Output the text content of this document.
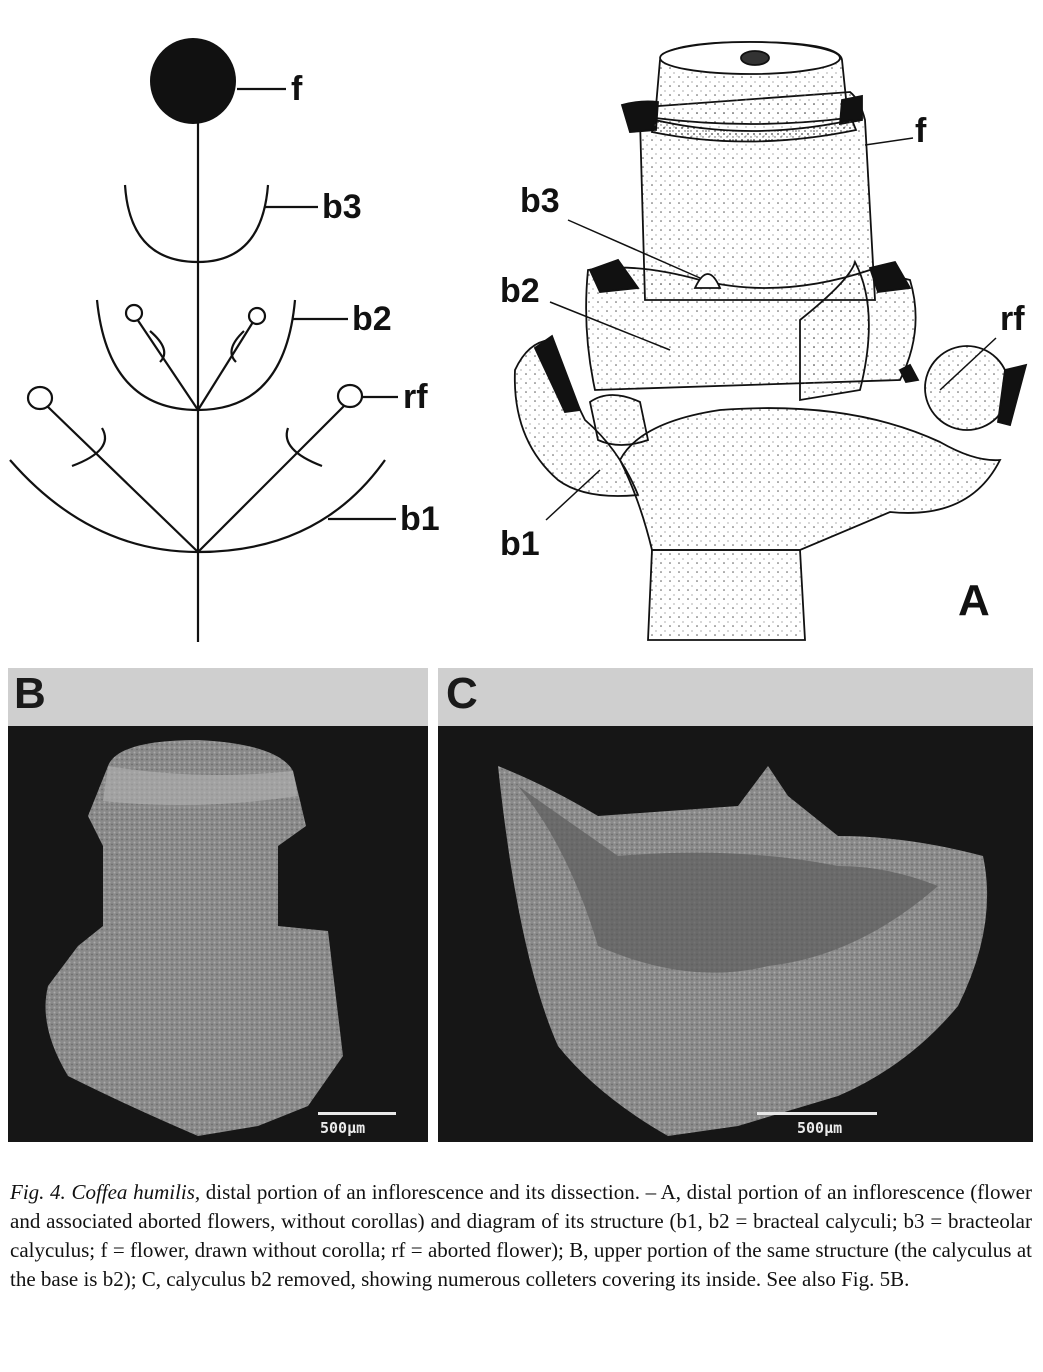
f
b3
b2
rf
b1
f
b3
b2
rf
b1
A
B
500μm
C
500μm
Fig. 4. Coffea humilis, distal portion of an inflorescence and its dissection. – A, distal portion of an inflorescence (flower and associated aborted flowers, without corollas) and diagram of its structure (b1, b2 = bracteal calyculi; b3 = bracteolar calyculus; f = flower, drawn without corolla; rf = aborted flower); B, upper portion of the same structure (the calyculus at the base is b2); C, calyculus b2 removed, showing numerous colleters covering its inside. See also Fig. 5B.
